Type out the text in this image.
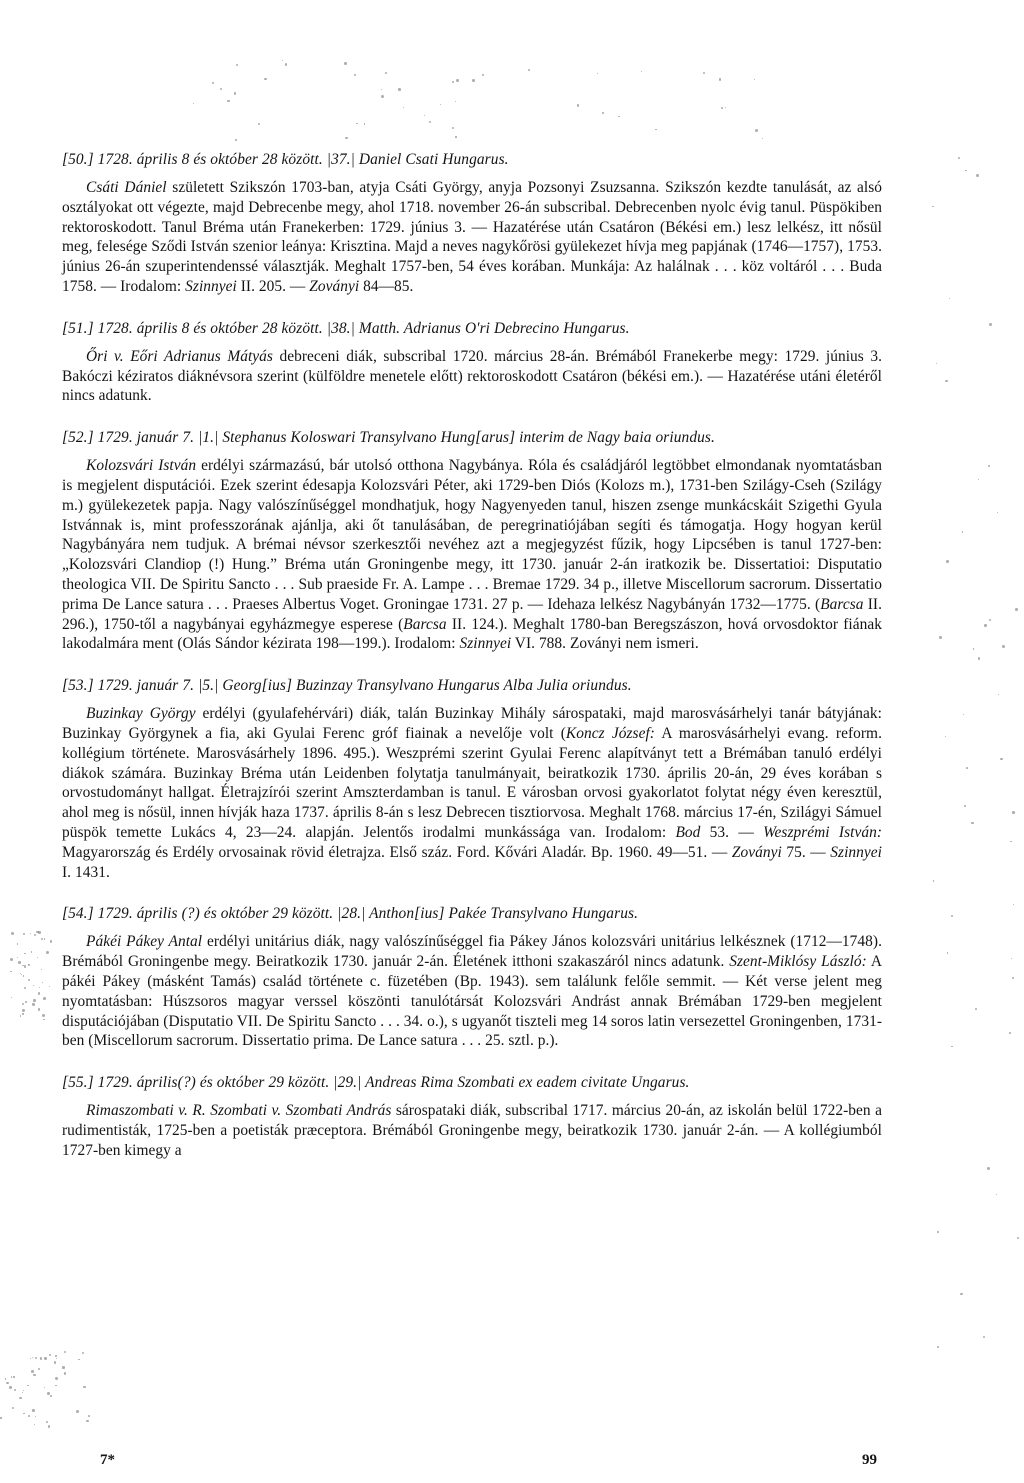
[50.] 1728. április 8 és október 28 között. |37.| Daniel Csati Hungarus.

Csáti Dániel született Szikszón 1703-ban, atyja Csáti György, anyja Pozsonyi Zsuzsanna. Szikszón kezdte tanulását, az alsó osztályokat ott végezte, majd Debrecenbe megy, ahol 1718. november 26-án subscribal. Debrecenben nyolc évig tanul. Püspökiben rektoroskodott. Tanul Bréma után Franekerben: 1729. június 3. — Hazatérése után Csatáron (Békési em.) lesz lelkész, itt nősül meg, felesége Sződi István szenior leánya: Krisztina. Majd a neves nagykőrösi gyülekezet hívja meg papjának (1746—1757), 1753. június 26-án szuperintendenssé választják. Meghalt 1757-ben, 54 éves korában. Munkája: Az halálnak . . . köz voltáról . . . Buda 1758. — Irodalom: Szinnyei II. 205. — Zoványi 84—85.

[51.] 1728. április 8 és október 28 között. |38.| Matth. Adrianus O'ri Debrecino Hungarus.

Őri v. Eőri Adrianus Mátyás debreceni diák, subscribal 1720. március 28-án. Brémából Franekerbe megy: 1729. június 3. Bakóczi kéziratos diáknévsora szerint (külföldre menetele előtt) rektoroskodott Csatáron (békési em.). — Hazatérése utáni életéről nincs adatunk.

[52.] 1729. január 7. |1.| Stephanus Koloswari Transylvano Hung[arus] interim de Nagy baia oriundus.

Kolozsvári István erdélyi származású, bár utolsó otthona Nagybánya. Róla és családjáról legtöbbet elmondanak nyomtatásban is megjelent disputációi. Ezek szerint édesapja Kolozsvári Péter, aki 1729-ben Diós (Kolozs m.), 1731-ben Szilágy-Cseh (Szilágy m.) gyülekezetek papja. Nagy valószínűséggel mondhatjuk, hogy Nagyenyeden tanul, hiszen zsenge munkácskáit Szigethi Gyula Istvánnak is, mint professzorának ajánlja, aki őt tanulásában, de peregrinatiójában segíti és támogatja. Hogy hogyan kerül Nagybányára nem tudjuk. A brémai névsor szerkesztői nevéhez azt a megjegyzést fűzik, hogy Lipcsében is tanul 1727-ben: „Kolozsvári Clandiop (!) Hung.” Bréma után Groningenbe megy, itt 1730. január 2-án iratkozik be. Dissertatioi: Disputatio theologica VII. De Spiritu Sancto . . . Sub praeside Fr. A. Lampe . . . Bremae 1729. 34 p., illetve Miscellorum sacrorum. Dissertatio prima De Lance satura . . . Praeses Albertus Voget. Groningae 1731. 27 p. — Idehaza lelkész Nagybányán 1732—1775. (Barcsa II. 296.), 1750-től a nagybányai egyházmegye esperese (Barcsa II. 124.). Meghalt 1780-ban Beregszászon, hová orvosdoktor fiának lakodalmára ment (Olás Sándor kézirata 198—199.). Irodalom: Szinnyei VI. 788. Zoványi nem ismeri.

[53.] 1729. január 7. |5.| Georg[ius] Buzinzay Transylvano Hungarus Alba Julia oriundus.

Buzinkay György erdélyi (gyulafehérvári) diák, talán Buzinkay Mihály sárospataki, majd marosvásárhelyi tanár bátyjának: Buzinkay Györgynek a fia, aki Gyulai Ferenc gróf fiainak a nevelője volt (Koncz József: A marosvásárhelyi evang. reform. kollégium története. Marosvásárhely 1896. 495.). Weszprémi szerint Gyulai Ferenc alapítványt tett a Brémában tanuló erdélyi diákok számára. Buzinkay Bréma után Leidenben folytatja tanulmányait, beiratkozik 1730. április 20-án, 29 éves korában s orvostudományt hallgat. Életrajzírói szerint Amszterdamban is tanul. E városban orvosi gyakorlatot folytat négy éven keresztül, ahol meg is nősül, innen hívják haza 1737. április 8-án s lesz Debrecen tisztiorvosa. Meghalt 1768. március 17-én, Szilágyi Sámuel püspök temette Lukács 4, 23—24. alapján. Jelentős irodalmi munkássága van. Irodalom: Bod 53. — Weszprémi István: Magyarország és Erdély orvosainak rövid életrajza. Első száz. Ford. Kővári Aladár. Bp. 1960. 49—51. — Zoványi 75. — Szinnyei I. 1431.

[54.] 1729. április (?) és október 29 között. |28.| Anthon[ius] Pakée Transylvano Hungarus.

Pákéi Pákey Antal erdélyi unitárius diák, nagy valószínűséggel fia Pákey János kolozsvári unitárius lelkésznek (1712—1748). Brémából Groningenbe megy. Beiratkozik 1730. január 2-án. Életének itthoni szakaszáról nincs adatunk. Szent-Miklósy László: A pákéi Pákey (másként Tamás) család története c. füzetében (Bp. 1943). sem találunk felőle semmit. — Két verse jelent meg nyomtatásban: Húszsoros magyar verssel köszönti tanulótársát Kolozsvári Andrást annak Brémában 1729-ben megjelent disputációjában (Disputatio VII. De Spiritu Sancto . . . 34. o.), s ugyanőt tiszteli meg 14 soros latin versezettel Groningenben, 1731-ben (Miscellorum sacrorum. Dissertatio prima. De Lance satura . . . 25. sztl. p.).

[55.] 1729. április(?) és október 29 között. |29.| Andreas Rima Szombati ex eadem civitate Ungarus.

Rimaszombati v. R. Szombati v. Szombati András sárospataki diák, subscribal 1717. március 20-án, az iskolán belül 1722-ben a rudimentisták, 1725-ben a poetisták præceptora. Brémából Groningenbe megy, beiratkozik 1730. január 2-án. — A kollégiumból 1727-ben kimegy a

7*	99
